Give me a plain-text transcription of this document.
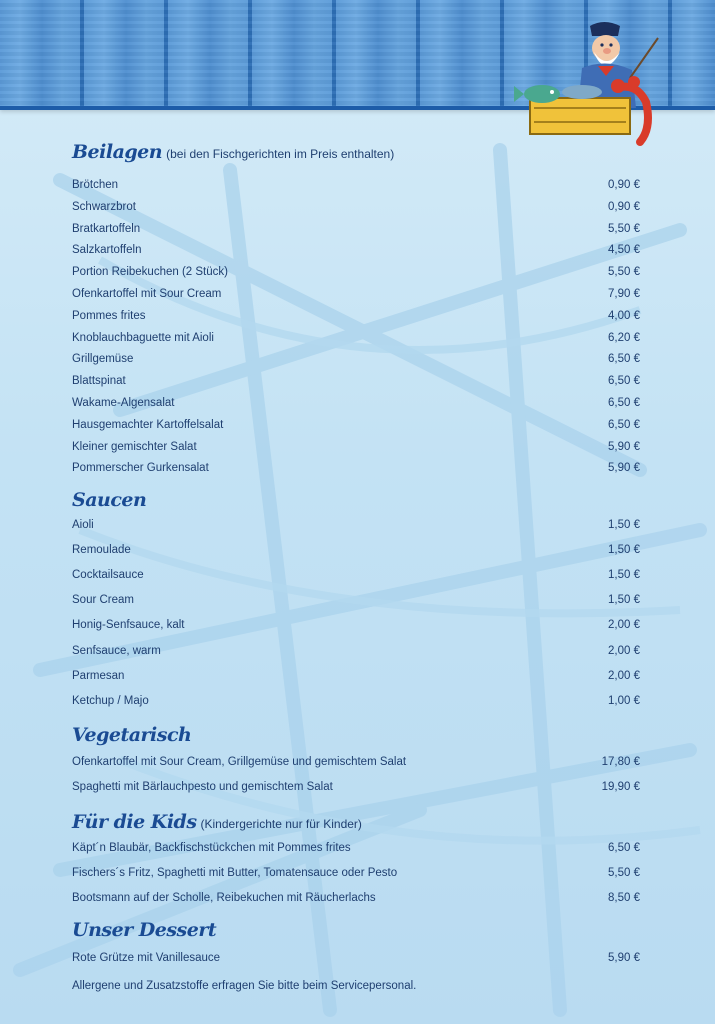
Beilagen (bei den Fischgerichten im Preis enthalten)
Brötchen	0,90 €
Schwarzbrot	0,90 €
Bratkartoffeln	5,50 €
Salzkartoffeln	4,50 €
Portion Reibekuchen (2 Stück)	5,50 €
Ofenkartoffel mit Sour Cream	7,90 €
Pommes frites	4,00 €
Knoblauchbaguette mit Aioli	6,20 €
Grillgemüse	6,50 €
Blattspinat	6,50 €
Wakame-Algensalat	6,50 €
Hausgemachter Kartoffelsalat	6,50 €
Kleiner gemischter Salat	5,90 €
Pommerscher Gurkensalat	5,90 €
Saucen
Aioli	1,50 €
Remoulade	1,50 €
Cocktailsauce	1,50 €
Sour Cream	1,50 €
Honig-Senfsauce, kalt	2,00 €
Senfsauce, warm	2,00 €
Parmesan	2,00 €
Ketchup / Majo	1,00 €
Vegetarisch
Ofenkartoffel mit Sour Cream, Grillgemüse und gemischtem Salat	17,80 €
Spaghetti mit Bärlauchpesto und gemischtem Salat	19,90 €
Für die Kids (Kindergerichte nur für Kinder)
Käpt´n Blaubär, Backfischstückchen mit Pommes frites	6,50 €
Fischers´s Fritz, Spaghetti mit Butter, Tomatensauce oder Pesto	5,50 €
Bootsmann auf der Scholle, Reibekuchen mit Räucherlachs	8,50 €
Unser Dessert
Rote Grütze mit Vanillesauce	5,90 €
Allergene und Zusatzstoffe erfragen Sie bitte beim Servicepersonal.
